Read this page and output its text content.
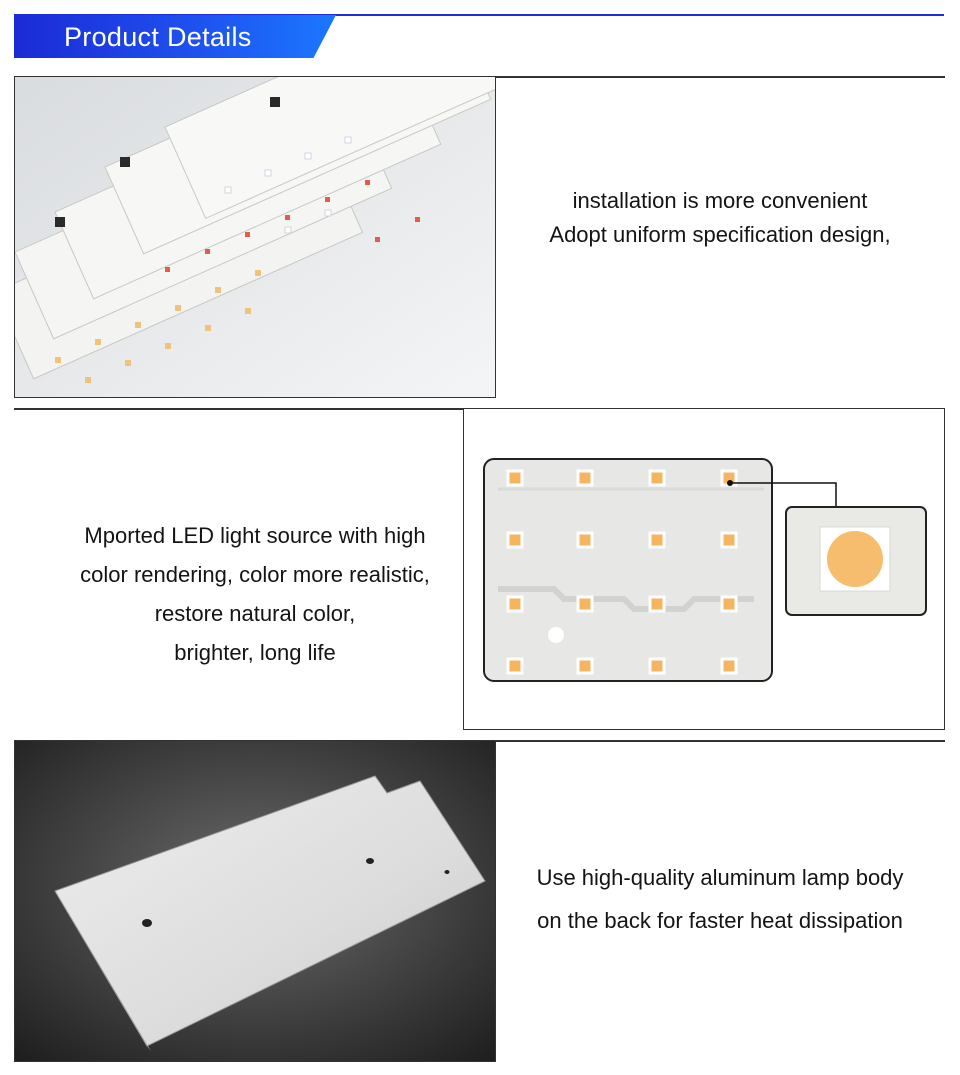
Product Details
installation is more convenient
Adopt uniform specification design,
Mported LED light source with high
color rendering, color more realistic,
restore natural color,
brighter, long life
Use high-quality aluminum lamp body
on the back for faster heat dissipation
